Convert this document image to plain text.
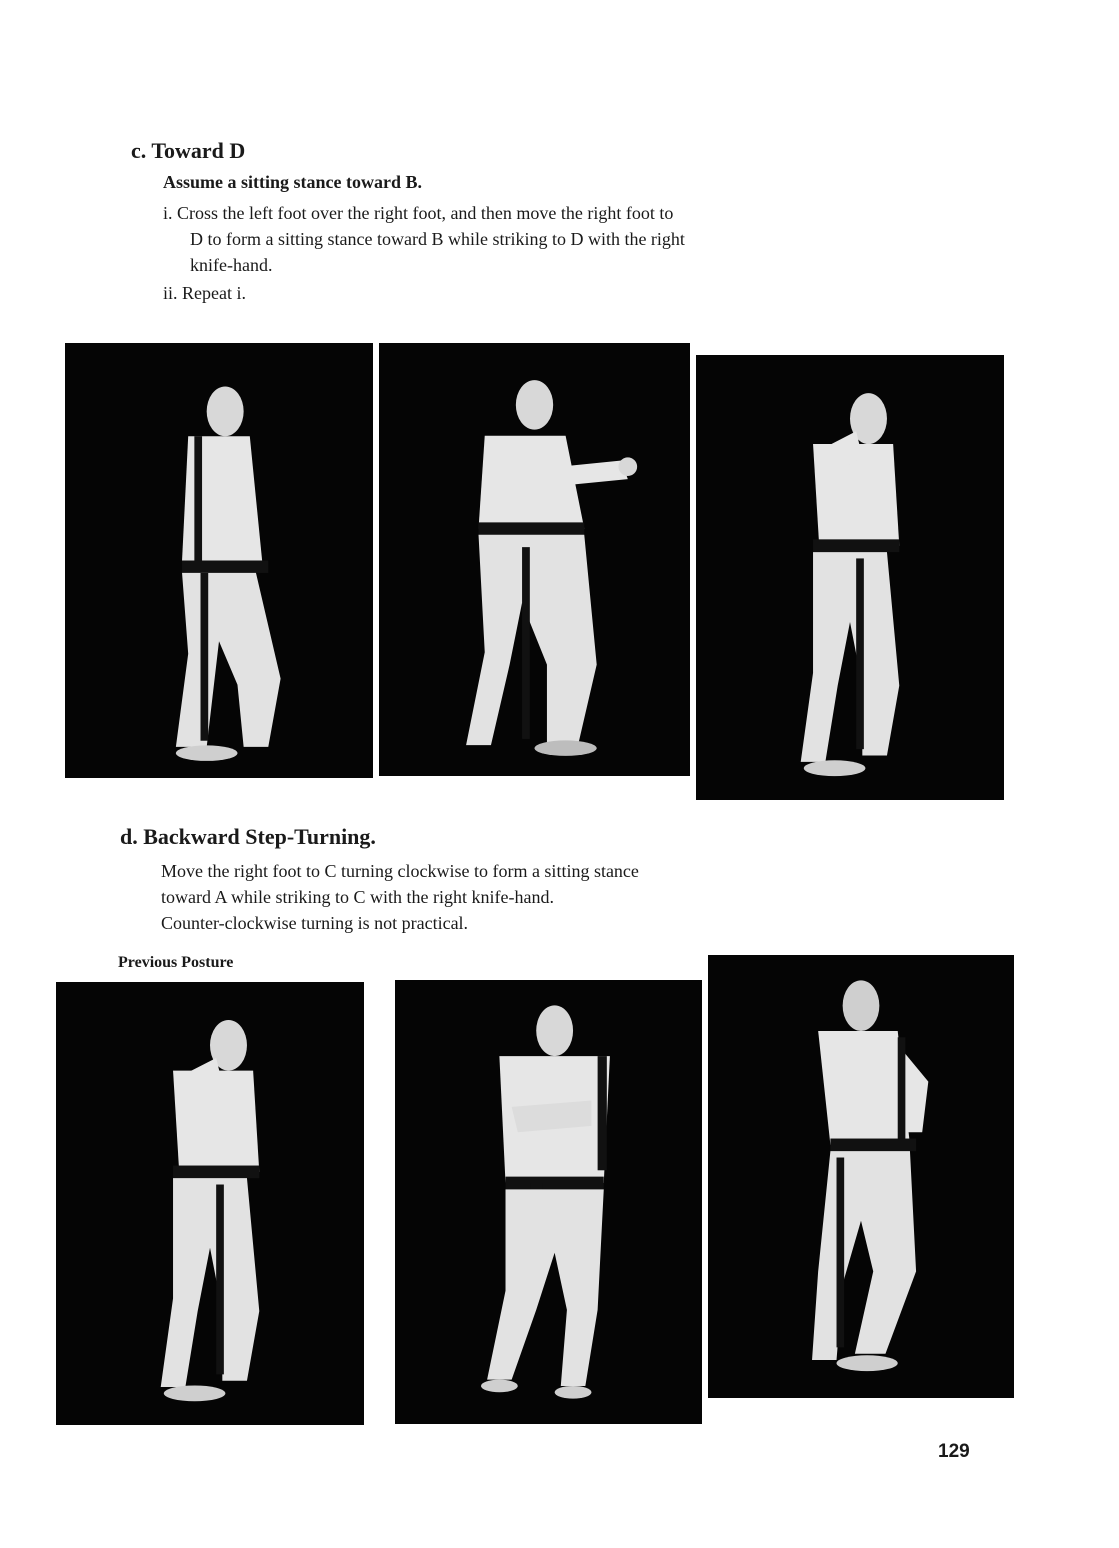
c. Toward D
Assume a sitting stance toward B.
i. Cross the left foot over the right foot, and then move the right foot to
D to form a sitting stance toward B while striking to D with the right
knife-hand.
ii. Repeat i.
d. Backward Step-Turning.
Move the right foot to C turning clockwise to form a sitting stance
toward A while striking to C with the right knife-hand.
Counter-clockwise turning is not practical.
Previous Posture
129
